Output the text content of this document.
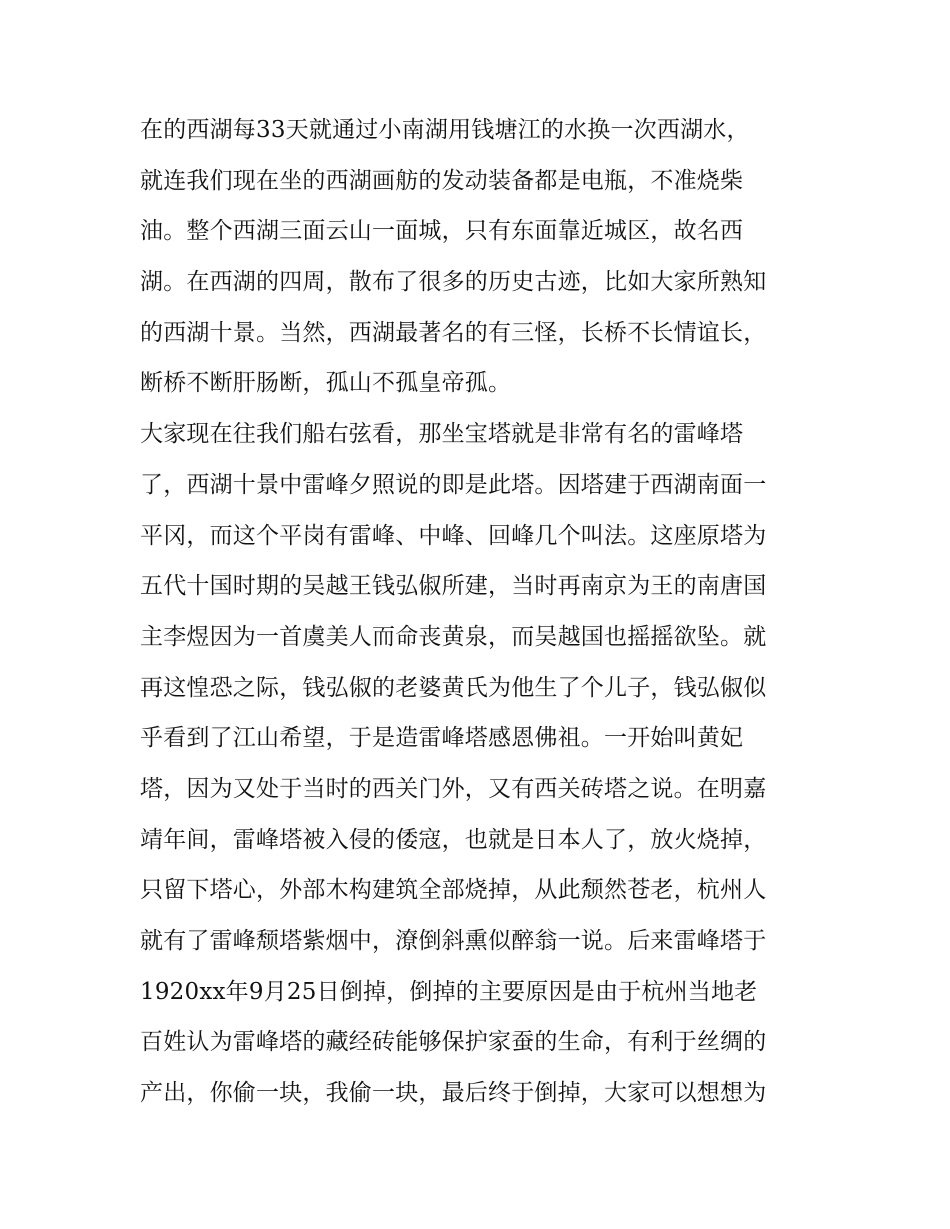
在的西湖每33天就通过小南湖用钱塘江的水换一次西湖水，
就连我们现在坐的西湖画舫的发动装备都是电瓶，不准烧柴
油。整个西湖三面云山一面城，只有东面靠近城区，故名西
湖。在西湖的四周，散布了很多的历史古迹，比如大家所熟知
的西湖十景。当然，西湖最著名的有三怪，长桥不长情谊长，
断桥不断肝肠断，孤山不孤皇帝孤。
大家现在往我们船右弦看，那坐宝塔就是非常有名的雷峰塔
了，西湖十景中雷峰夕照说的即是此塔。因塔建于西湖南面一
平冈，而这个平岗有雷峰、中峰、回峰几个叫法。这座原塔为
五代十国时期的吴越王钱弘俶所建，当时再南京为王的南唐国
主李煜因为一首虞美人而命丧黄泉，而吴越国也摇摇欲坠。就
再这惶恐之际，钱弘俶的老婆黄氏为他生了个儿子，钱弘俶似
乎看到了江山希望，于是造雷峰塔感恩佛祖。一开始叫黄妃
塔，因为又处于当时的西关门外，又有西关砖塔之说。在明嘉
靖年间，雷峰塔被入侵的倭寇，也就是日本人了，放火烧掉，
只留下塔心，外部木构建筑全部烧掉，从此颓然苍老，杭州人
就有了雷峰颓塔紫烟中，潦倒斜熏似醉翁一说。后来雷峰塔于
1920xx年9月25日倒掉，倒掉的主要原因是由于杭州当地老
百姓认为雷峰塔的藏经砖能够保护家蚕的生命，有利于丝绸的
产出，你偷一块，我偷一块，最后终于倒掉，大家可以想想为
